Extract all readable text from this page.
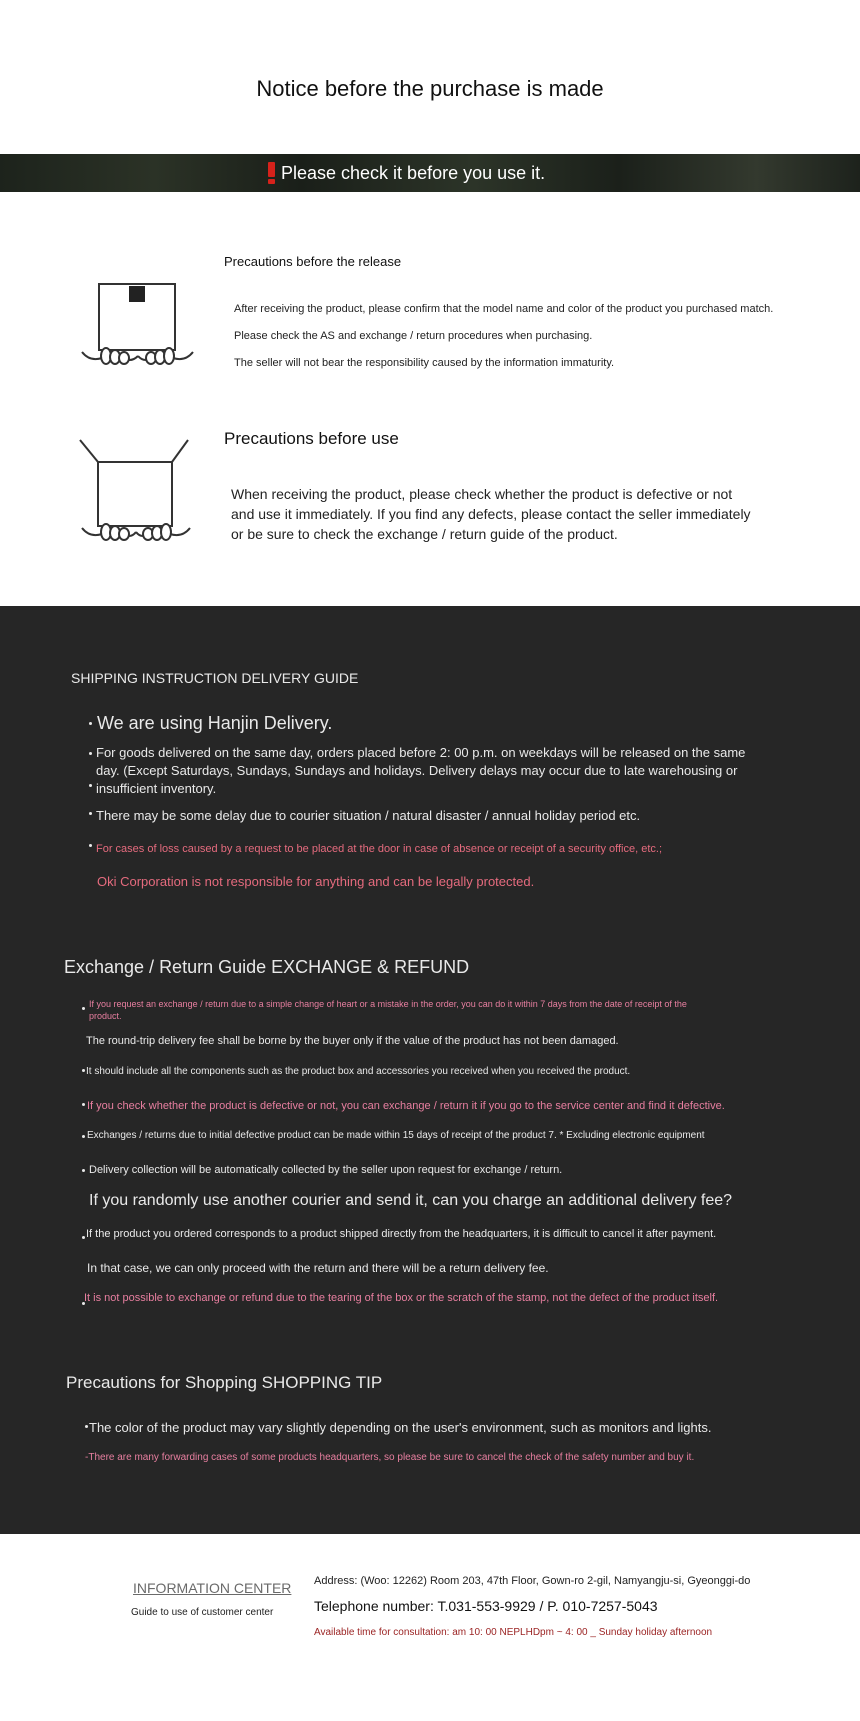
Notice before the purchase is made
Please check it before you use it.
Precautions before the release
After receiving the product, please confirm that the model name and color of the product you purchased match.
Please check the AS and exchange / return procedures when purchasing.
The seller will not bear the responsibility caused by the information immaturity.
Precautions before use
When receiving the product, please check whether the product is defective or not and use it immediately. If you find any defects, please contact the seller immediately or be sure to check the exchange / return guide of the product.
SHIPPING INSTRUCTION DELIVERY GUIDE
We are using Hanjin Delivery.
For goods delivered on the same day, orders placed before 2: 00 p.m. on weekdays will be released on the same day. (Except Saturdays, Sundays, Sundays and holidays. Delivery delays may occur due to late warehousing or insufficient inventory.
There may be some delay due to courier situation / natural disaster / annual holiday period etc.
For cases of loss caused by a request to be placed at the door in case of absence or receipt of a security office, etc.;
Oki Corporation is not responsible for anything and can be legally protected.
Exchange / Return Guide EXCHANGE & REFUND
If you request an exchange / return due to a simple change of heart or a mistake in the order, you can do it within 7 days from the date of receipt of the product.
The round-trip delivery fee shall be borne by the buyer only if the value of the product has not been damaged.
It should include all the components such as the product box and accessories you received when you received the product.
If you check whether the product is defective or not, you can exchange / return it if you go to the service center and find it defective.
Exchanges / returns due to initial defective product can be made within 15 days of receipt of the product 7. * Excluding electronic equipment
Delivery collection will be automatically collected by the seller upon request for exchange / return.
If you randomly use another courier and send it, can you charge an additional delivery fee?
If the product you ordered corresponds to a product shipped directly from the headquarters, it is difficult to cancel it after payment.
In that case, we can only proceed with the return and there will be a return delivery fee.
It is not possible to exchange or refund due to the tearing of the box or the scratch of the stamp, not the defect of the product itself.
Precautions for Shopping SHOPPING TIP
The color of the product may vary slightly depending on the user's environment, such as monitors and lights.
-There are many forwarding cases of some products headquarters, so please be sure to cancel the check of the safety number and buy it.
INFORMATION CENTER
Guide to use of customer center
Address: (Woo: 12262) Room 203, 47th Floor, Gown-ro 2-gil, Namyangju-si, Gyeonggi-do
Telephone number: T.031-553-9929 / P. 010-7257-5043
Available time for consultation: am 10: 00 NEPLHDpm ~ 4: 00 _ Sunday holiday afternoon
